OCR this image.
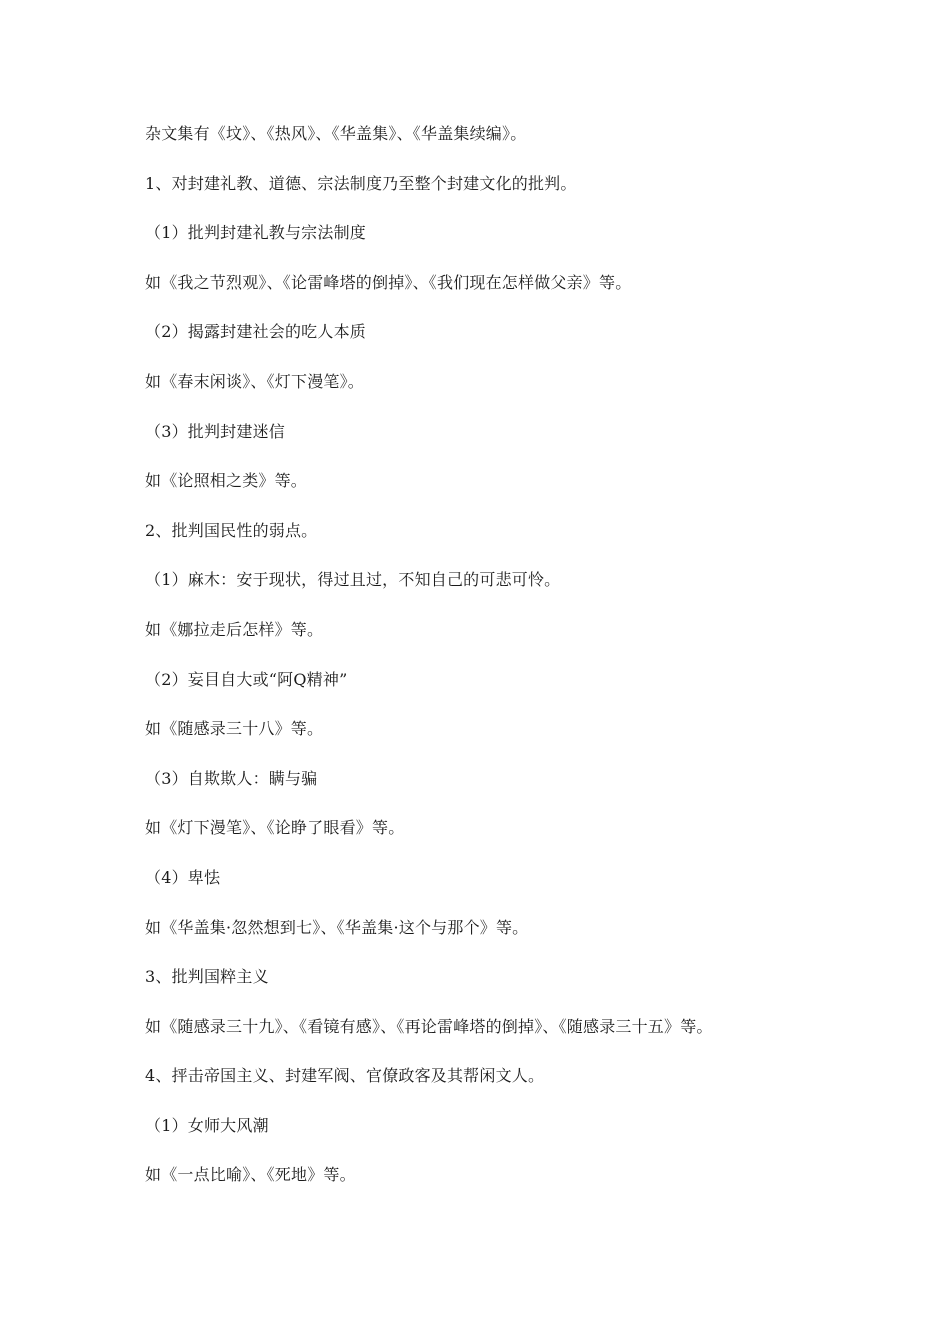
杂文集有《坟》、《热风》、《华盖集》、《华盖集续编》。
1、对封建礼教、道德、宗法制度乃至整个封建文化的批判。
（1）批判封建礼教与宗法制度
如《我之节烈观》、《论雷峰塔的倒掉》、《我们现在怎样做父亲》等。
（2）揭露封建社会的吃人本质
如《春末闲谈》、《灯下漫笔》。
（3）批判封建迷信
如《论照相之类》等。
2、批判国民性的弱点。
（1）麻木：安于现状，得过且过，不知自己的可悲可怜。
如《娜拉走后怎样》等。
（2）妄目自大或“阿Q精神”
如《随感录三十八》等。
（3）自欺欺人：瞒与骗
如《灯下漫笔》、《论睁了眼看》等。
（4）卑怯
如《华盖集·忽然想到七》、《华盖集·这个与那个》等。
3、批判国粹主义
如《随感录三十九》、《看镜有感》、《再论雷峰塔的倒掉》、《随感录三十五》等。
4、抨击帝国主义、封建军阀、官僚政客及其帮闲文人。
（1）女师大风潮
如《一点比喻》、《死地》等。
